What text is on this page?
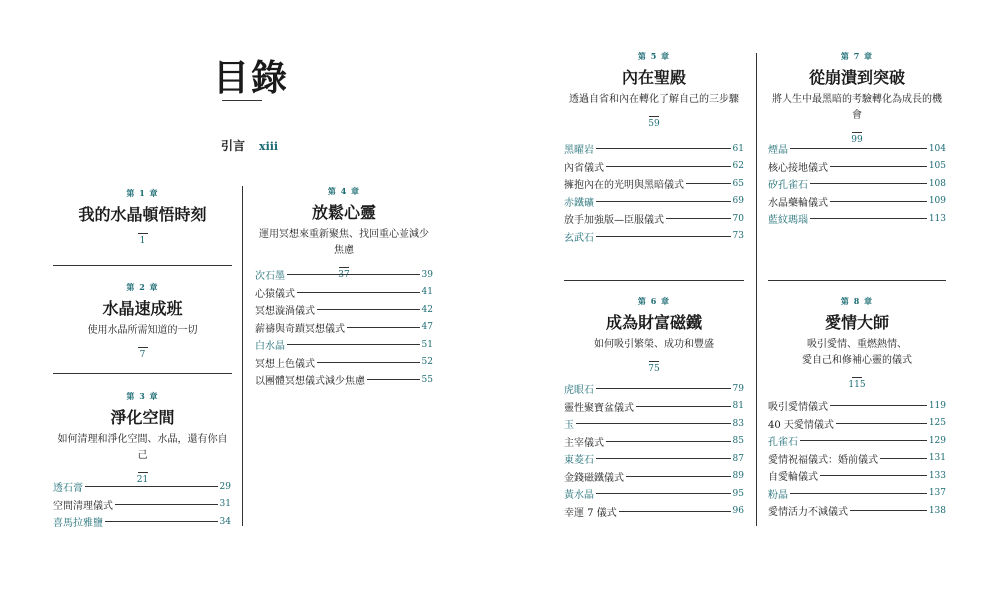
目錄
引言 xiii
第 1 章
我的水晶頓悟時刻
1
第 2 章
水晶速成班
使用水晶所需知道的一切
7
第 3 章
淨化空間
如何清理和淨化空間、水晶，還有你自己
21
透石膏	29
空間清理儀式	31
喜馬拉雅鹽	34
第 4 章
放鬆心靈
運用冥想來重新聚焦、找回重心並減少焦慮
次石墨	39
心猿儀式	41
冥想漩渦儀式	42
薪禱與奇蹟冥想儀式	47
白水晶	51
冥想上色儀式	52
以團體冥想儀式減少焦慮	55
第 5 章
內在聖殿
透過自省和內在轉化了解自己的三步驟
59
黑曜岩	61
內省儀式	62
擁抱內在的光明與黑暗儀式	65
赤鐵礦	69
放手加強版—臣服儀式	70
玄武石	73
第 6 章
成為財富磁鐵
如何吸引繁榮、成功和豐盛
75
虎眼石	79
靈性聚寶盆儀式	81
玉	83
主宰儀式	85
東菱石	87
金錢磁鐵儀式	89
黃水晶	95
幸運 7 儀式	96
第 7 章
從崩潰到突破
將人生中最黑暗的考驗轉化為成長的機會
99
煙晶	104
核心接地儀式	105
矽孔雀石	108
水晶藥輪儀式	109
藍紋瑪瑙	113
第 8 章
愛情大師
吸引愛情、重燃熱情、
愛自己和修補心靈的儀式
115
吸引愛情儀式	119
40 天愛情儀式	125
孔雀石	129
愛情祝福儀式：婚前儀式	131
自愛輪儀式	133
粉晶	137
愛情活力不減儀式	138
